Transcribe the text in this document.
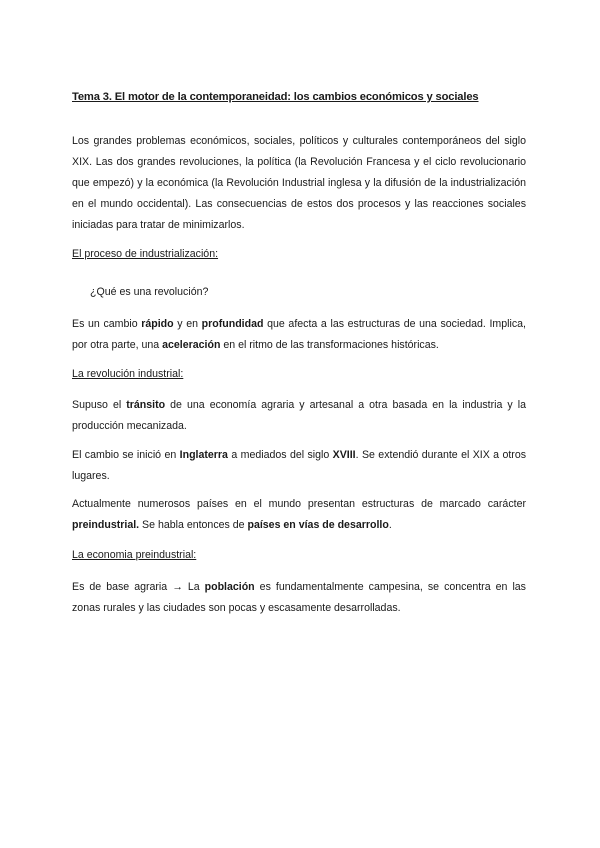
Tema 3. El motor de la contemporaneidad: los cambios económicos y sociales

Los grandes problemas económicos, sociales, políticos y culturales contemporáneos del siglo XIX. Las dos grandes revoluciones, la política (la Revolución Francesa y el ciclo revolucionario que empezó) y la económica (la Revolución Industrial inglesa y la difusión de la industrialización en el mundo occidental). Las consecuencias de estos dos procesos y las reacciones sociales iniciadas para tratar de minimizarlos.

El proceso de industrialización:
¿Qué es una revolución?

Es un cambio rápido y en profundidad que afecta a las estructuras de una sociedad. Implica, por otra parte, una aceleración en el ritmo de las transformaciones históricas.

La revolución industrial:

Supuso el tránsito de una economía agraria y artesanal a otra basada en la industria y la producción mecanizada.

El cambio se inició en Inglaterra a mediados del siglo XVIII. Se extendió durante el XIX a otros lugares.

Actualmente numerosos países en el mundo presentan estructuras de marcado carácter preindustrial. Se habla entonces de países en vías de desarrollo.

La economia preindustrial:

Es de base agraria → La población es fundamentalmente campesina, se concentra en las zonas rurales y las ciudades son pocas y escasamente desarrolladas.
